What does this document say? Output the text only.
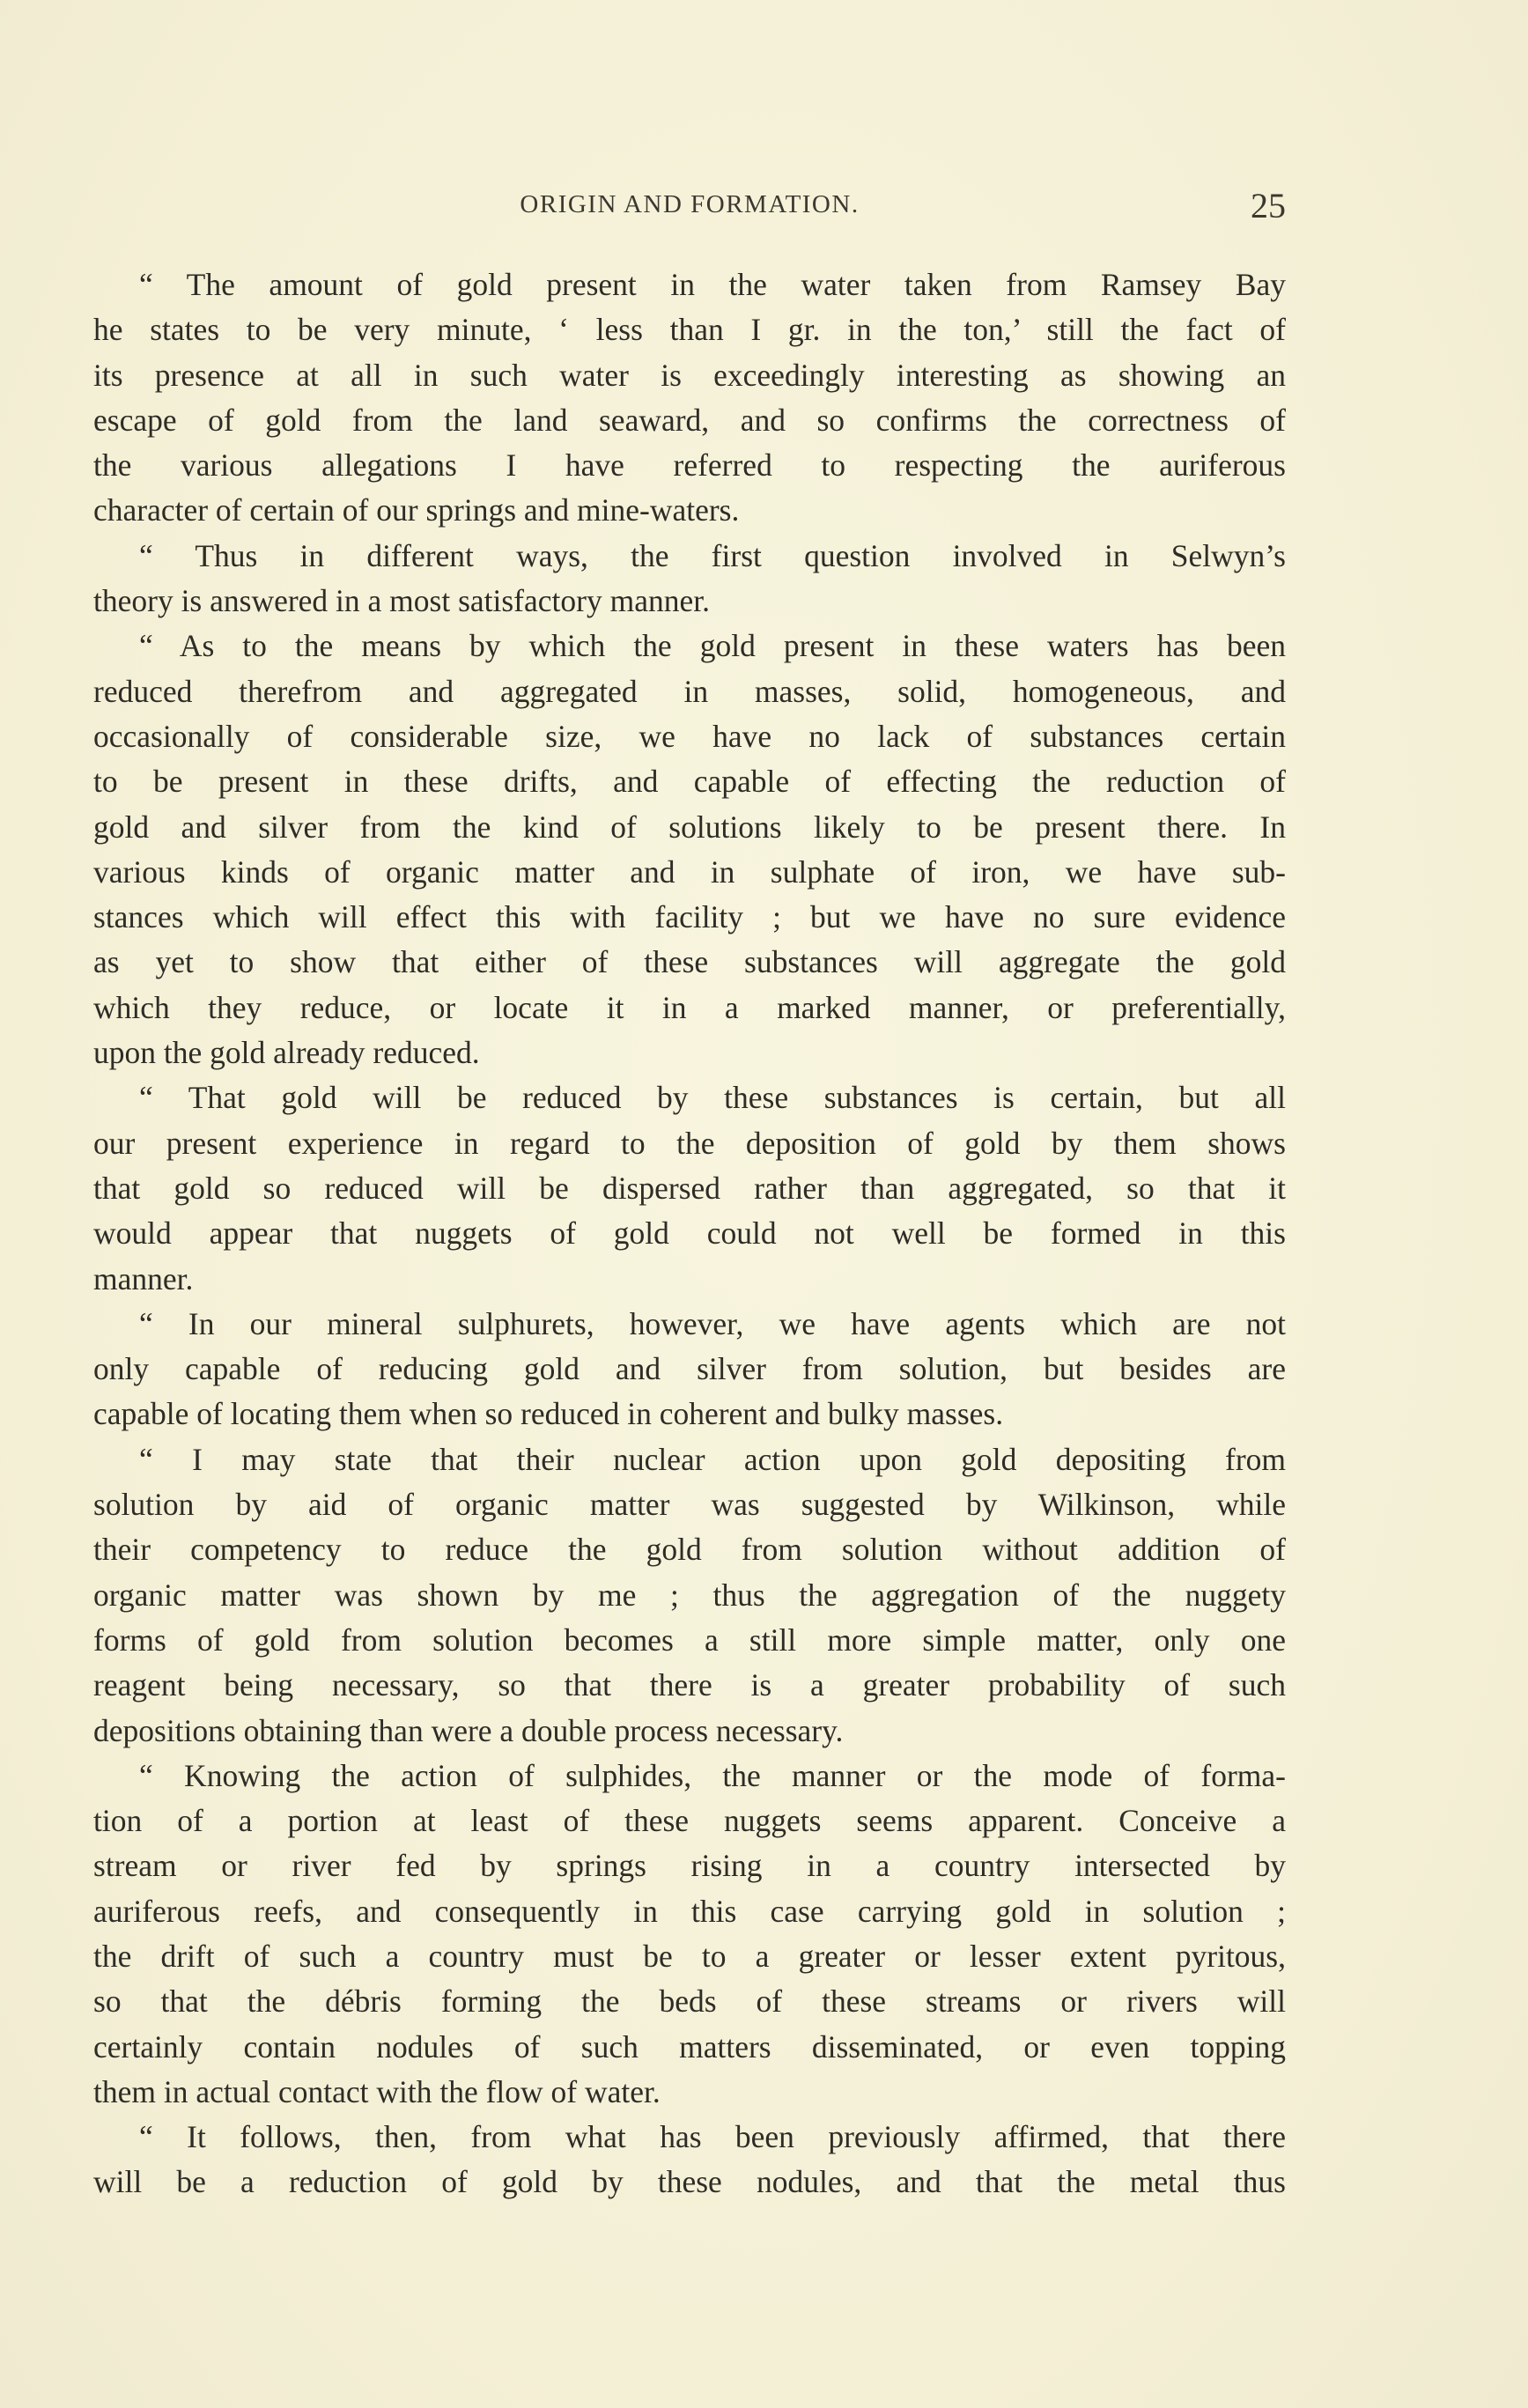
ORIGIN AND FORMATION.	25

“ The amount of gold present in the water taken from Ramsey Bay
he states to be very minute, ‘ less than I gr. in the ton,’ still the fact of
its presence at all in such water is exceedingly interesting as showing an
escape of gold from the land seaward, and so confirms the correctness of
the various allegations I have referred to respecting the auriferous
character of certain of our springs and mine-waters.

“ Thus in different ways, the first question involved in Selwyn’s
theory is answered in a most satisfactory manner.

“ As to the means by which the gold present in these waters has been
reduced therefrom and aggregated in masses, solid, homogeneous, and
occasionally of considerable size, we have no lack of substances certain
to be present in these drifts, and capable of effecting the reduction of
gold and silver from the kind of solutions likely to be present there. In
various kinds of organic matter and in sulphate of iron, we have sub-
stances which will effect this with facility ; but we have no sure evidence
as yet to show that either of these substances will aggregate the gold
which they reduce, or locate it in a marked manner, or preferentially,
upon the gold already reduced.

“ That gold will be reduced by these substances is certain, but all
our present experience in regard to the deposition of gold by them shows
that gold so reduced will be dispersed rather than aggregated, so that it
would appear that nuggets of gold could not well be formed in this
manner.

“ In our mineral sulphurets, however, we have agents which are not
only capable of reducing gold and silver from solution, but besides are
capable of locating them when so reduced in coherent and bulky masses.

“ I may state that their nuclear action upon gold depositing from
solution by aid of organic matter was suggested by Wilkinson, while
their competency to reduce the gold from solution without addition of
organic matter was shown by me ; thus the aggregation of the nuggety
forms of gold from solution becomes a still more simple matter, only one
reagent being necessary, so that there is a greater probability of such
depositions obtaining than were a double process necessary.

“ Knowing the action of sulphides, the manner or the mode of forma-
tion of a portion at least of these nuggets seems apparent. Conceive a
stream or river fed by springs rising in a country intersected by
auriferous reefs, and consequently in this case carrying gold in solution ;
the drift of such a country must be to a greater or lesser extent pyritous,
so that the débris forming the beds of these streams or rivers will
certainly contain nodules of such matters disseminated, or even topping
them in actual contact with the flow of water.

“ It follows, then, from what has been previously affirmed, that there
will be a reduction of gold by these nodules, and that the metal thus
